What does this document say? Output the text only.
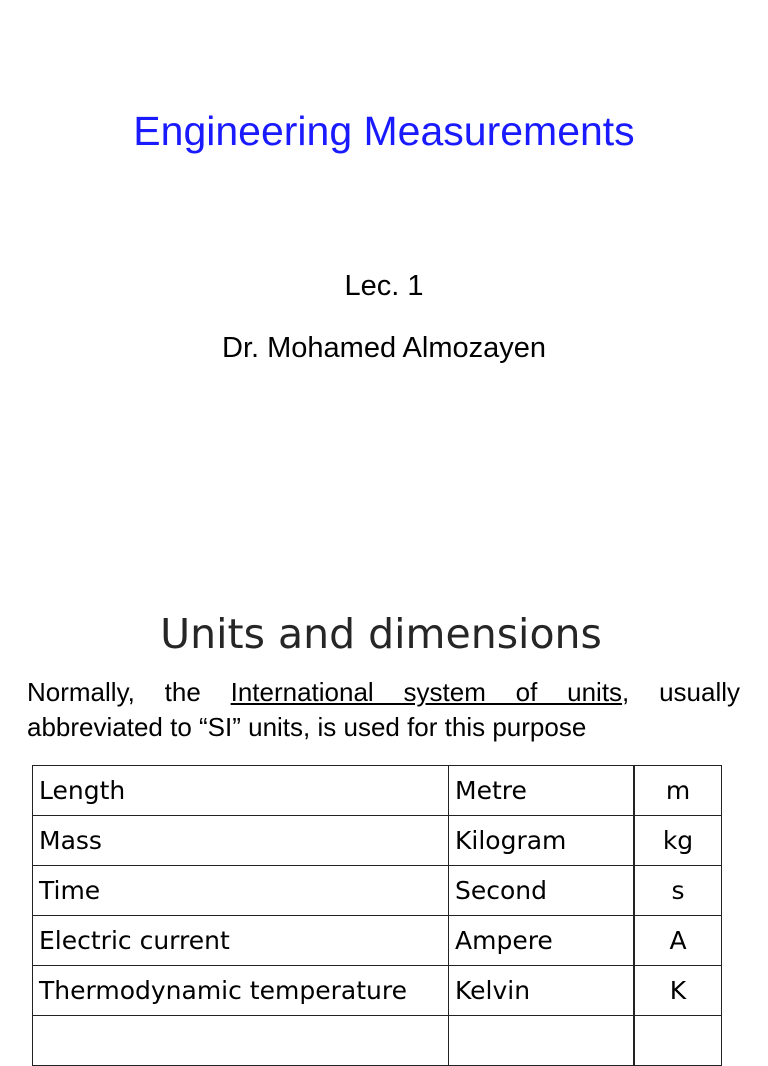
Engineering Measurements
Lec. 1
Dr. Mohamed Almozayen
Units and dimensions
Normally, the International system of units, usually abbreviated to “SI” units, is used for this purpose
Length	Metre	m
Mass	Kilogram	kg
Time	Second	s
Electric current	Ampere	A
Thermodynamic temperature	Kelvin	K
